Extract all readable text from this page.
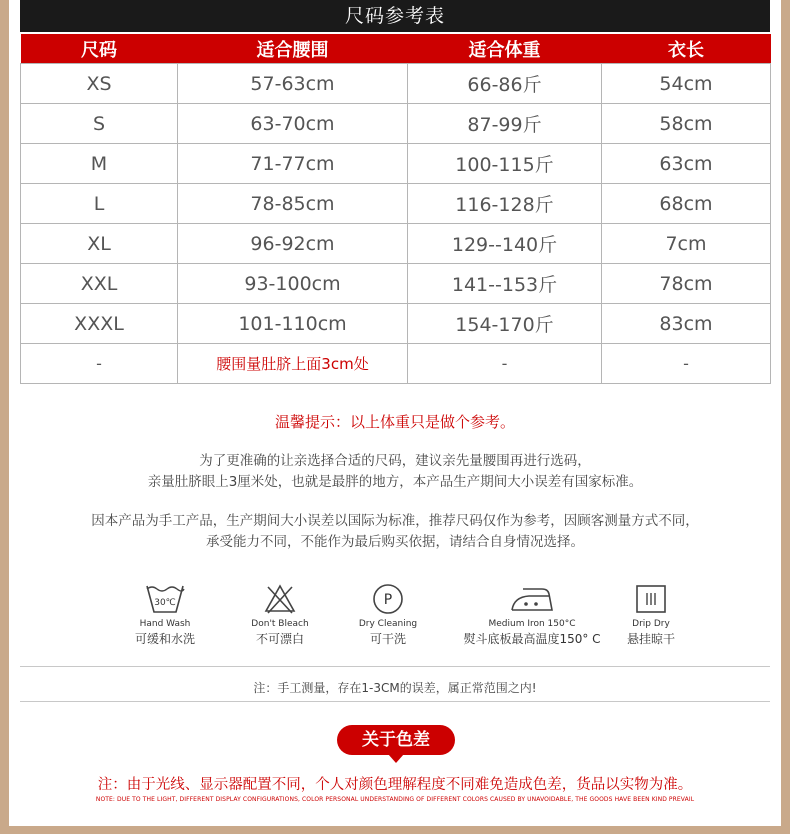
尺码参考表
尺码	适合腰围	适合体重	衣长
XS	57-63cm	66-86斤	54cm
S	63-70cm	87-99斤	58cm
M	71-77cm	100-115斤	63cm
L	78-85cm	116-128斤	68cm
XL	96-92cm	129--140斤	7cm
XXL	93-100cm	141--153斤	78cm
XXXL	101-110cm	154-170斤	83cm
-	腰围量肚脐上面3cm处	-	-
温馨提示：以上体重只是做个参考。
为了更准确的让亲选择合适的尺码，建议亲先量腰围再进行选码，
亲量肚脐眼上3厘米处，也就是最胖的地方，本产品生产期间大小误差有国家标准。
因本产品为手工产品，生产期间大小误差以国际为标准，推荐尺码仅作为参考，因顾客测量方式不同，
承受能力不同，不能作为最后购买依据，请结合自身情况选择。
30℃
Hand Wash
可缓和水洗
Don't Bleach
不可漂白
P
Dry Cleaning
可干洗
Medium Iron 150°C
熨斗底板最高温度150° C
Drip Dry
悬挂晾干
注：手工测量，存在1-3CM的误差，属正常范围之内!
关于色差
注：由于光线、显示器配置不同，个人对颜色理解程度不同难免造成色差，货品以实物为准。
NOTE: DUE TO THE LIGHT, DIFFERENT DISPLAY CONFIGURATIONS, COLOR PERSONAL UNDERSTANDING OF DIFFERENT COLORS CAUSED BY UNAVOIDABLE, THE GOODS HAVE BEEN KIND PREVAIL
